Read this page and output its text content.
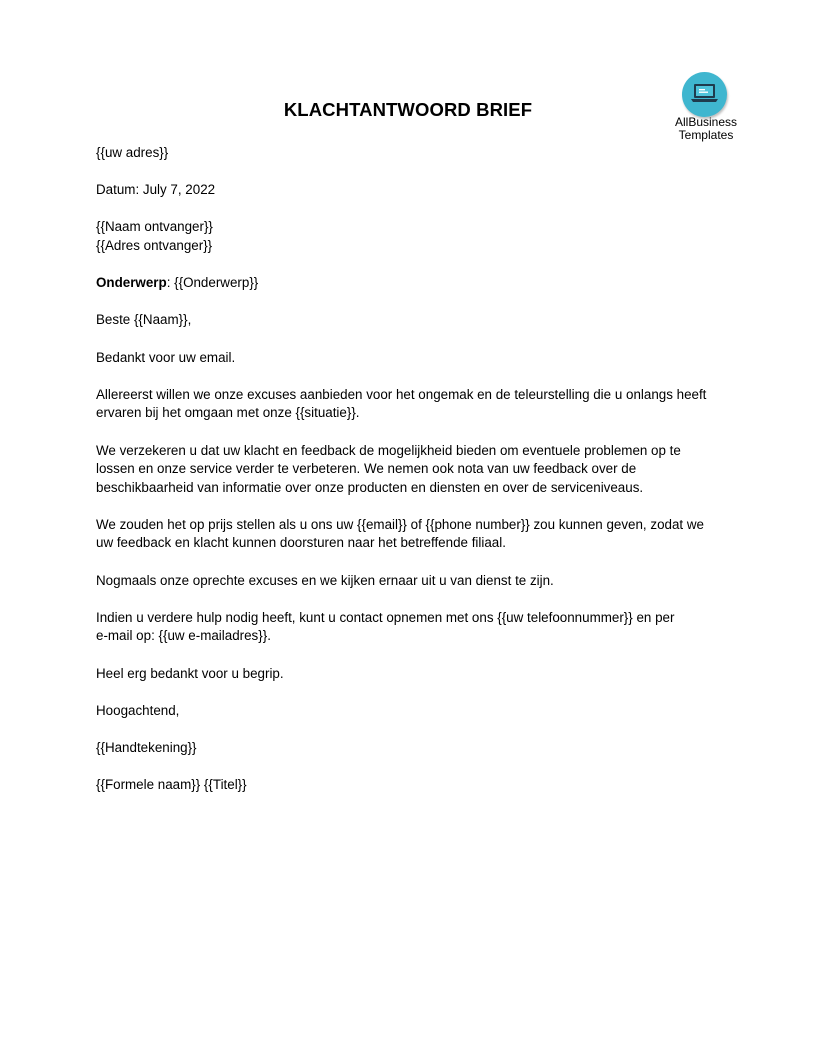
AllBusiness
Templates
KLACHTANTWOORD BRIEF
{{uw adres}}
Datum: July 7, 2022
{{Naam ontvanger}}
{{Adres ontvanger}}
Onderwerp: {{Onderwerp}}
Beste {{Naam}},
Bedankt voor uw email.
Allereerst willen we onze excuses aanbieden voor het ongemak en de teleurstelling die u onlangs heeft
ervaren bij het omgaan met onze {{situatie}}.
We verzekeren u dat uw klacht en feedback de mogelijkheid bieden om eventuele problemen op te
lossen en onze service verder te verbeteren. We nemen ook nota van uw feedback over de
beschikbaarheid van informatie over onze producten en diensten en over de serviceniveaus.
We zouden het op prijs stellen als u ons uw {{email}} of {{phone number}} zou kunnen geven, zodat we
uw feedback en klacht kunnen doorsturen naar het betreffende filiaal.
Nogmaals onze oprechte excuses en we kijken ernaar uit u van dienst te zijn.
Indien u verdere hulp nodig heeft, kunt u contact opnemen met ons {{uw telefoonnummer}} en per
e-mail op: {{uw e-mailadres}}.
Heel erg bedankt voor u begrip.
Hoogachtend,
{{Handtekening}}
{{Formele naam}} {{Titel}}
